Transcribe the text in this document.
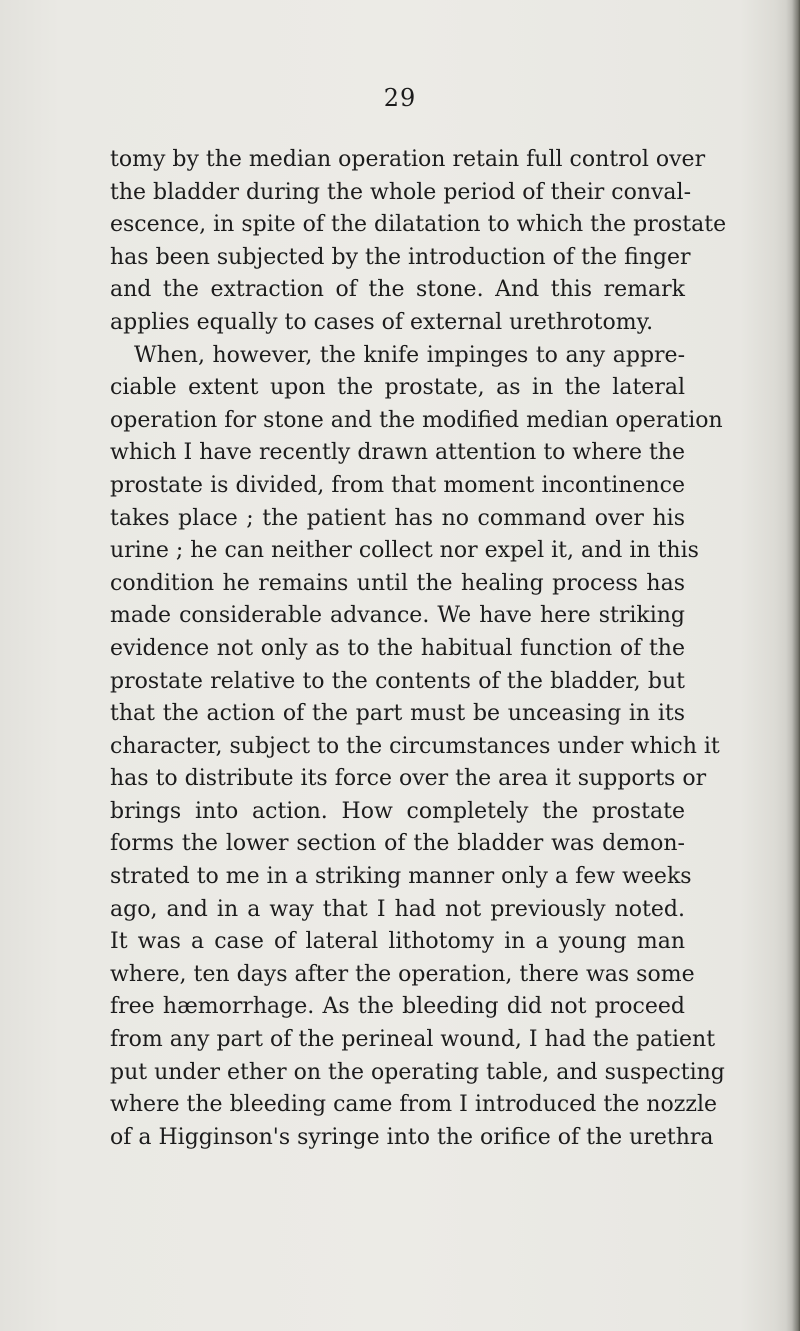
29
tomy by the median operation retain full control over
the bladder during the whole period of their conval-
escence, in spite of the dilatation to which the prostate
has been subjected by the introduction of the finger
and the extraction of the stone. And this remark
applies equally to cases of external urethrotomy.
When, however, the knife impinges to any appre-
ciable extent upon the prostate, as in the lateral
operation for stone and the modified median operation
which I have recently drawn attention to where the
prostate is divided, from that moment incontinence
takes place ; the patient has no command over his
urine ; he can neither collect nor expel it, and in this
condition he remains until the healing process has
made considerable advance. We have here striking
evidence not only as to the habitual function of the
prostate relative to the contents of the bladder, but
that the action of the part must be unceasing in its
character, subject to the circumstances under which it
has to distribute its force over the area it supports or
brings into action. How completely the prostate
forms the lower section of the bladder was demon-
strated to me in a striking manner only a few weeks
ago, and in a way that I had not previously noted.
It was a case of lateral lithotomy in a young man
where, ten days after the operation, there was some
free hæmorrhage. As the bleeding did not proceed
from any part of the perineal wound, I had the patient
put under ether on the operating table, and suspecting
where the bleeding came from I introduced the nozzle
of a Higginson's syringe into the orifice of the urethra
